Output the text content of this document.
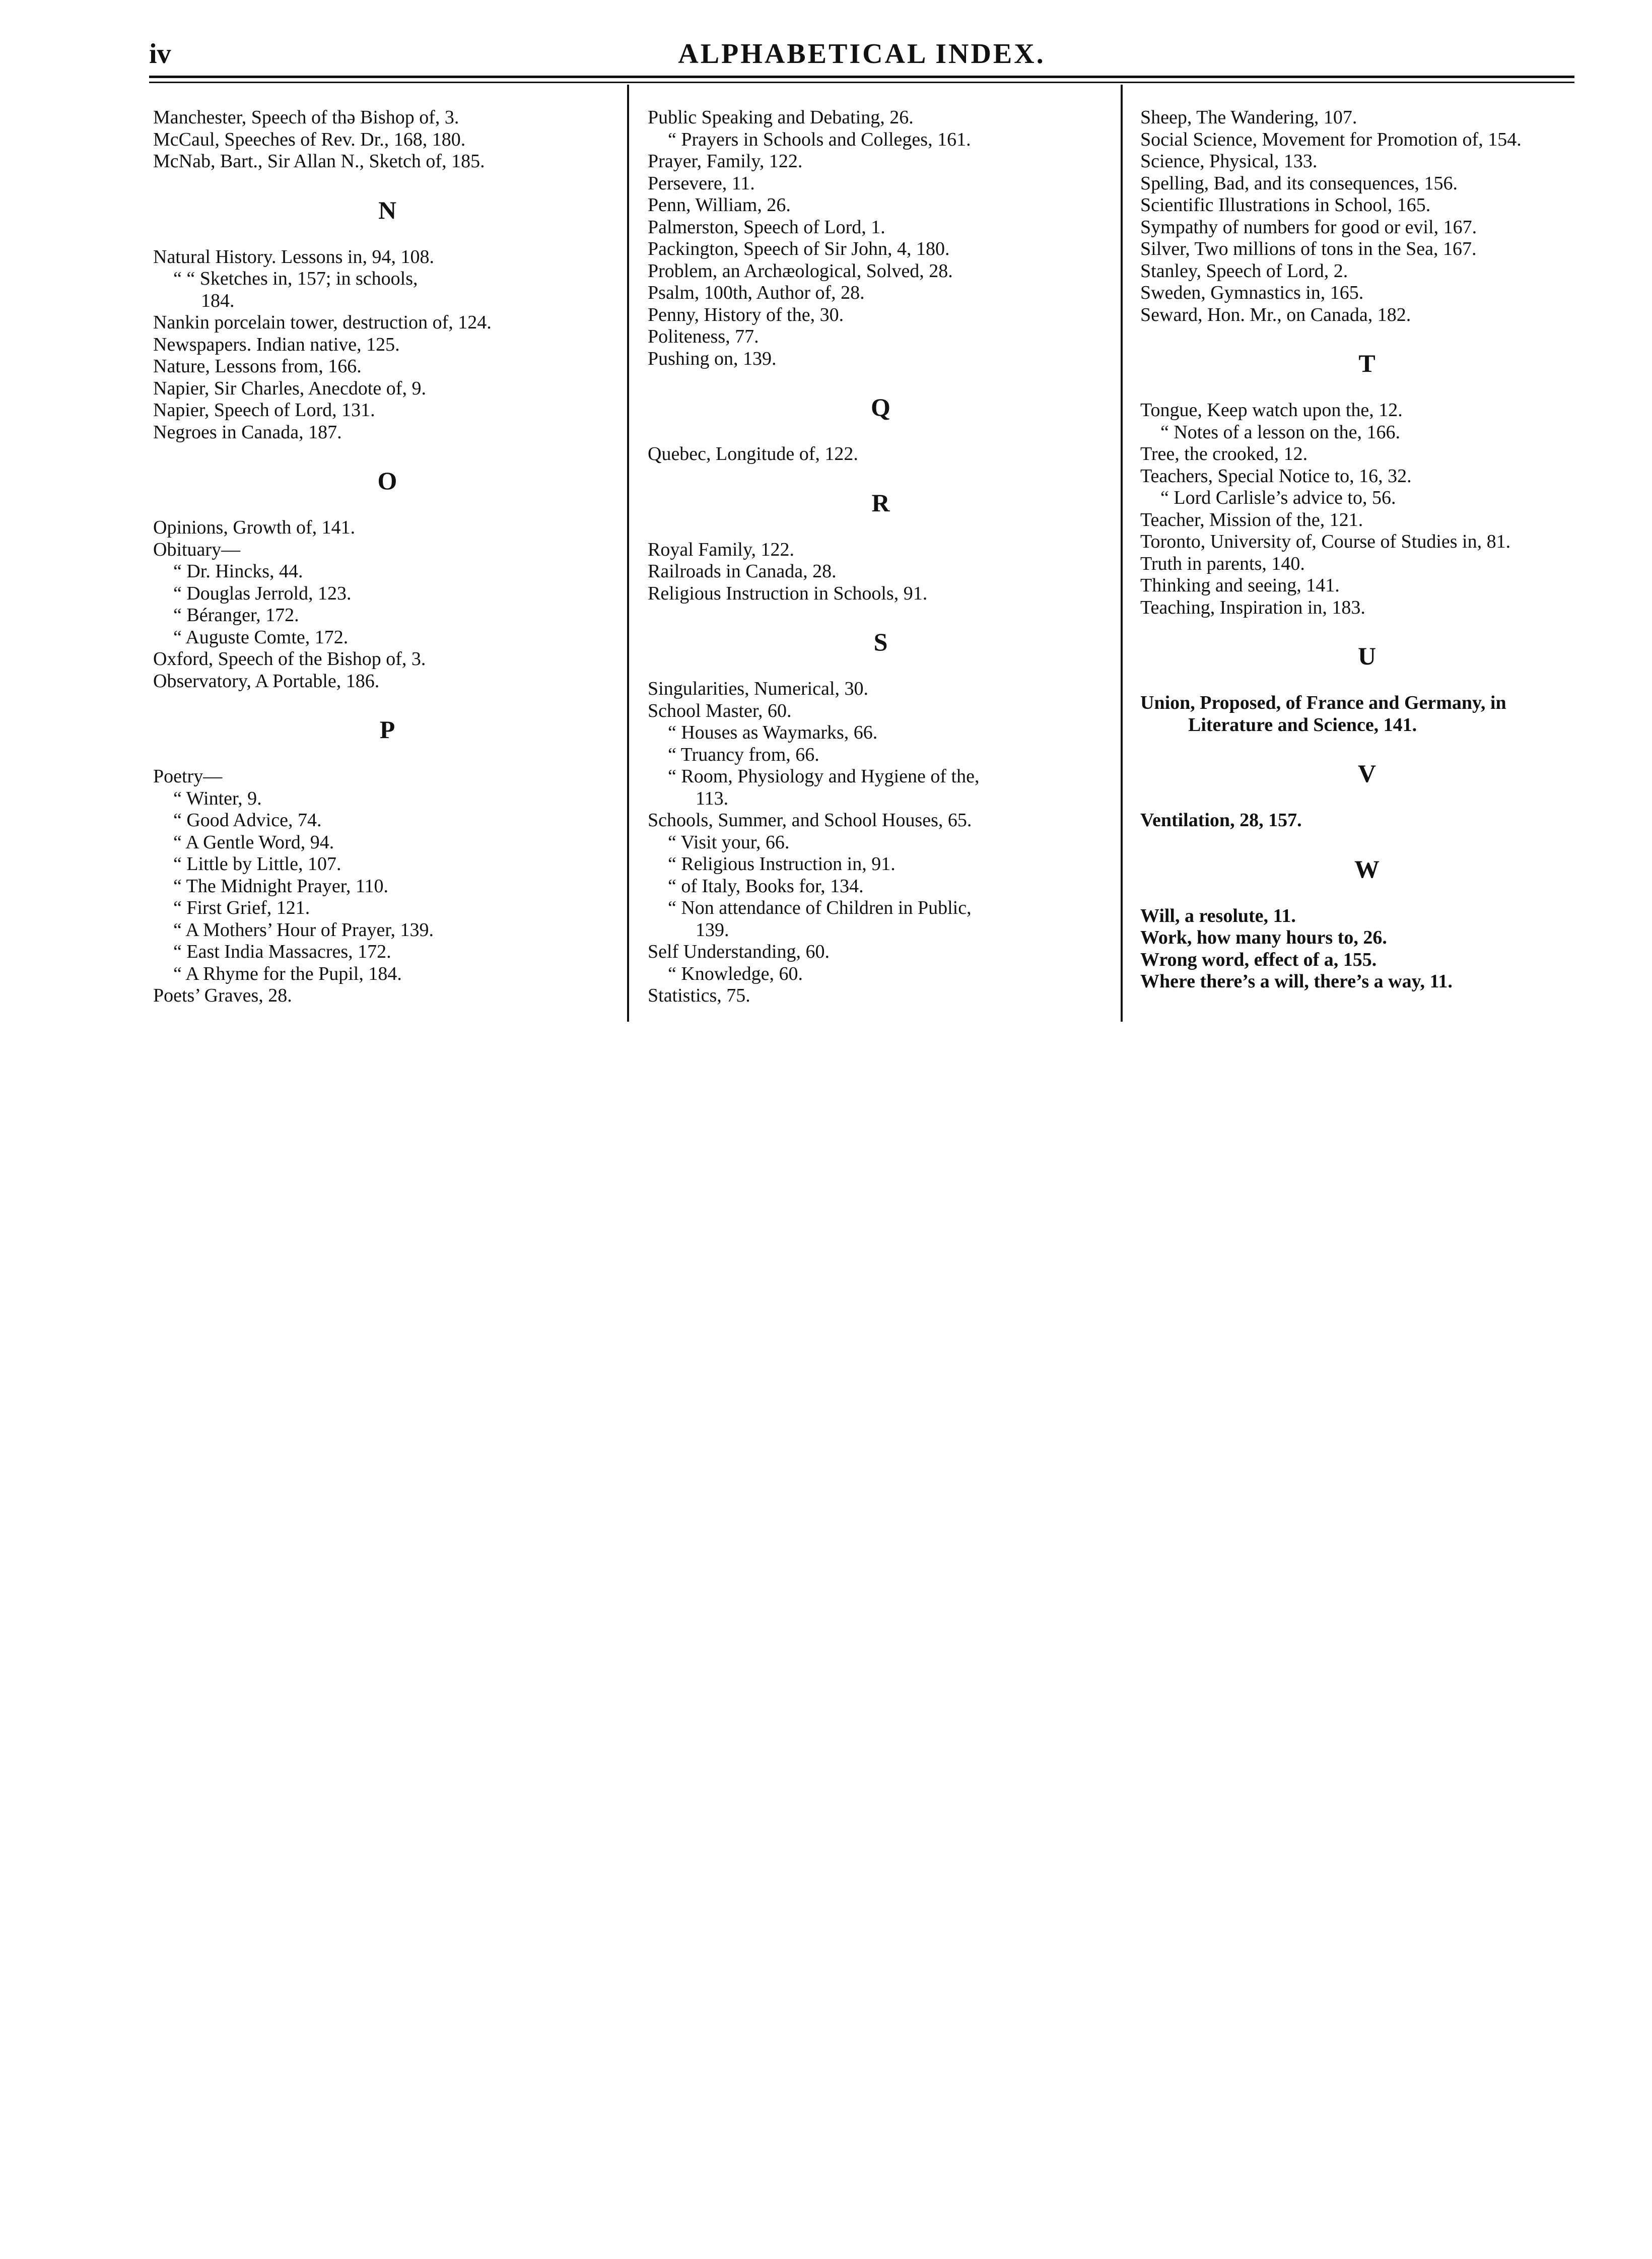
iv	ALPHABETICAL INDEX.
Manchester, Speech of thə Bishop of, 3.
McCaul, Speeches of Rev. Dr., 168, 180.
McNab, Bart., Sir Allan N., Sketch of, 185.
N
Natural History. Lessons in, 94, 108.
“ “ Sketches in, 157; in schools,
184.
Nankin porcelain tower, destruction of, 124.
Newspapers. Indian native, 125.
Nature, Lessons from, 166.
Napier, Sir Charles, Anecdote of, 9.
Napier, Speech of Lord, 131.
Negroes in Canada, 187.
O
Opinions, Growth of, 141.
Obituary—
“ Dr. Hincks, 44.
“ Douglas Jerrold, 123.
“ Béranger, 172.
“ Auguste Comte, 172.
Oxford, Speech of the Bishop of, 3.
Observatory, A Portable, 186.
P
Poetry—
“ Winter, 9.
“ Good Advice, 74.
“ A Gentle Word, 94.
“ Little by Little, 107.
“ The Midnight Prayer, 110.
“ First Grief, 121.
“ A Mothers’ Hour of Prayer, 139.
“ East India Massacres, 172.
“ A Rhyme for the Pupil, 184.
Poets’ Graves, 28.
Public Speaking and Debating, 26.
“ Prayers in Schools and Colleges, 161.
Prayer, Family, 122.
Persevere, 11.
Penn, William, 26.
Palmerston, Speech of Lord, 1.
Packington, Speech of Sir John, 4, 180.
Problem, an Archæological, Solved, 28.
Psalm, 100th, Author of, 28.
Penny, History of the, 30.
Politeness, 77.
Pushing on, 139.
Q
Quebec, Longitude of, 122.
R
Royal Family, 122.
Railroads in Canada, 28.
Religious Instruction in Schools, 91.
S
Singularities, Numerical, 30.
School Master, 60.
“ Houses as Waymarks, 66.
“ Truancy from, 66.
“ Room, Physiology and Hygiene of the,
113.
Schools, Summer, and School Houses, 65.
“ Visit your, 66.
“ Religious Instruction in, 91.
“ of Italy, Books for, 134.
“ Non attendance of Children in Public,
139.
Self Understanding, 60.
“ Knowledge, 60.
Statistics, 75.
Sheep, The Wandering, 107.
Social Science, Movement for Promotion of, 154.
Science, Physical, 133.
Spelling, Bad, and its consequences, 156.
Scientific Illustrations in School, 165.
Sympathy of numbers for good or evil, 167.
Silver, Two millions of tons in the Sea, 167.
Stanley, Speech of Lord, 2.
Sweden, Gymnastics in, 165.
Seward, Hon. Mr., on Canada, 182.
T
Tongue, Keep watch upon the, 12.
“ Notes of a lesson on the, 166.
Tree, the crooked, 12.
Teachers, Special Notice to, 16, 32.
“ Lord Carlisle’s advice to, 56.
Teacher, Mission of the, 121.
Toronto, University of, Course of Studies in, 81.
Truth in parents, 140.
Thinking and seeing, 141.
Teaching, Inspiration in, 183.
U
Union, Proposed, of France and Germany, in
Literature and Science, 141.
V
Ventilation, 28, 157.
W
Will, a resolute, 11.
Work, how many hours to, 26.
Wrong word, effect of a, 155.
Where there’s a will, there’s a way, 11.
